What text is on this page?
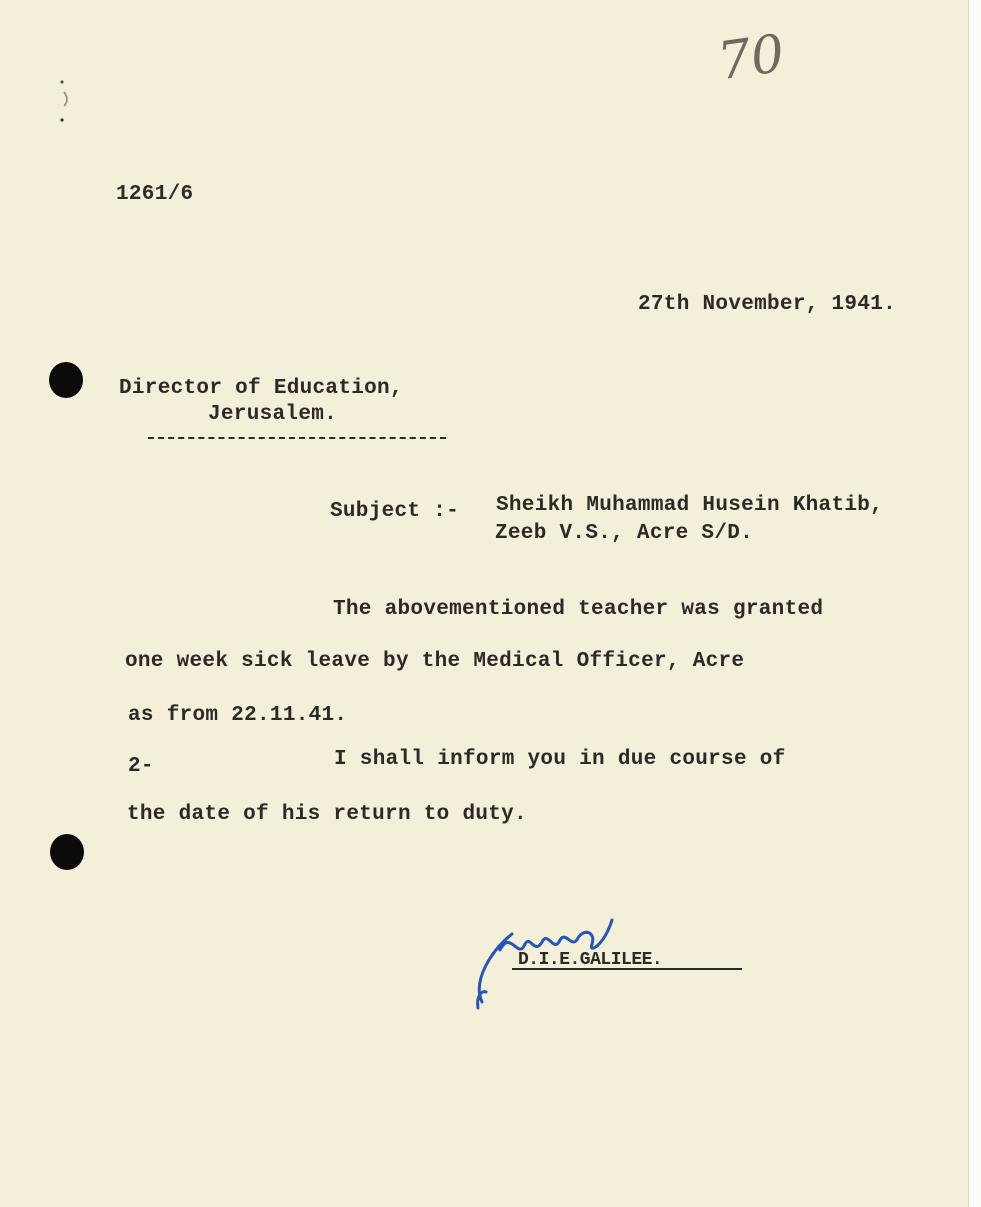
70
1261/6
27th November, 1941.
Director of Education,
Jerusalem.
Subject :- Sheikh Muhammad Husein Khatib,
Zeeb V.S., Acre S/D.
The abovementioned teacher was granted
one week sick leave by the Medical Officer, Acre
as from 22.11.41.
2-	I shall inform you in due course of
the date of his return to duty.
D.I.E.GALILEE.
